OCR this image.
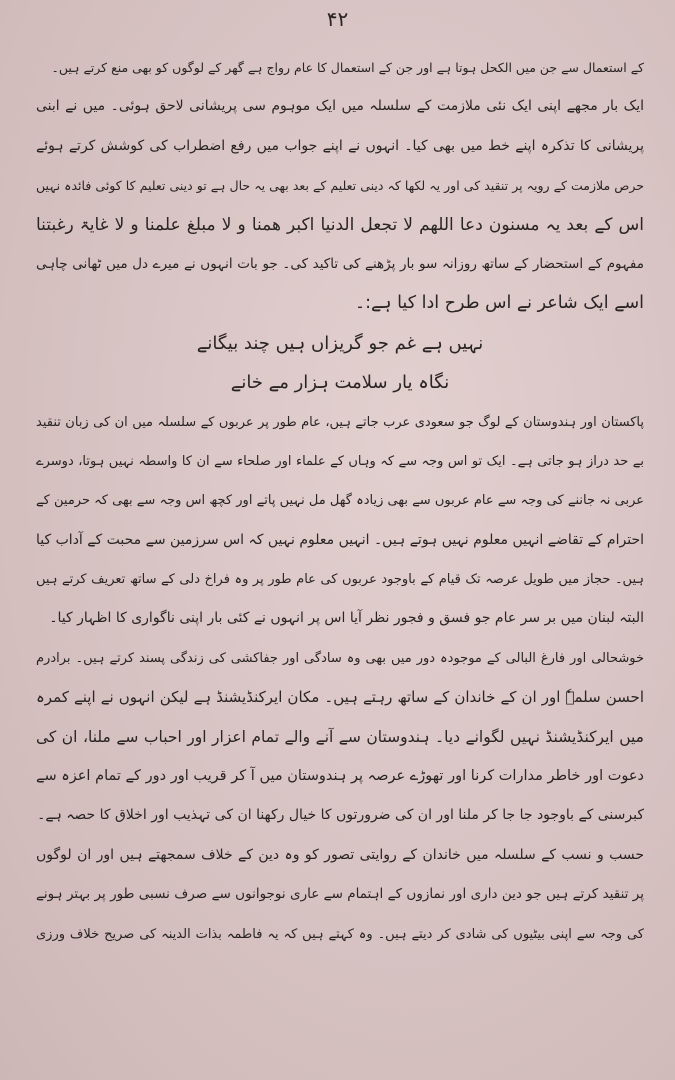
۴۲
کے استعمال سے جن میں الکحل ہوتا ہے اور جن کے استعمال کا عام رواج ہے گھر کے لوگوں کو بھی منع کرتے ہیں۔
ایک بار مجھے اپنی ایک نئی ملازمت کے سلسلہ میں ایک موہوم سی پریشانی لاحق ہوئی۔ میں نے ابنی
پریشانی کا تذکرہ اپنے خط میں بھی کیا۔ انہوں نے اپنے جواب میں رفع اضطراب کی کوشش کرتے ہوئے
حرص ملازمت کے رویہ پر تنقید کی اور یہ لکھا کہ دینی تعلیم کے بعد بھی یہ حال ہے تو دینی تعلیم کا کوئی فائدہ نہیں
اس کے بعد یہ مسنون دعا اللھم لا تجعل الدنیا اکبر ھمنا و لا مبلغ علمنا و لا غایۃ رغبتنا
مفہوم کے استحضار کے ساتھ روزانہ سو بار پڑھنے کی تاکید کی۔ جو بات انہوں نے میرے دل میں ٹھانی چاہی
اسے ایک شاعر نے اس طرح ادا کیا ہے:۔
نہیں ہے غم جو گریزاں ہیں چند بیگانے
نگاہ یار سلامت ہزار مے خانے
پاکستان اور ہندوستان کے لوگ جو سعودی عرب جاتے ہیں، عام طور پر عربوں کے سلسلہ میں ان کی زبان تنقید
بے حد دراز ہو جاتی ہے۔ ایک تو اس وجہ سے کہ وہاں کے علماء اور صلحاء سے ان کا واسطہ نہیں ہوتا، دوسرے
عربی نہ جاننے کی وجہ سے عام عربوں سے بھی زیادہ گھل مل نہیں پاتے اور کچھ اس وجہ سے بھی کہ حرمین کے
احترام کے تقاضے انہیں معلوم نہیں ہوتے ہیں۔ انہیں معلوم نہیں کہ اس سرزمین سے محبت کے آداب کیا
ہیں۔ حجاز میں طویل عرصہ تک قیام کے باوجود عربوں کی عام طور پر وہ فراخ دلی کے ساتھ تعریف کرتے ہیں
البتہ لبنان میں بر سر عام جو فسق و فجور نظر آیا اس پر انہوں نے کئی بار اپنی ناگواری کا اظہار کیا۔
خوشحالی اور فارغ البالی کے موجودہ دور میں بھی وہ سادگی اور جفاکشی کی زندگی پسند کرتے ہیں۔ برادرم
احسن سلمہٗ اور ان کے خاندان کے ساتھ رہتے ہیں۔ مکان ایرکنڈیشنڈ ہے لیکن انہوں نے اپنے کمرہ
میں ایرکنڈیشنڈ نہیں لگوانے دیا۔ ہندوستان سے آنے والے تمام اعزار اور احباب سے ملنا، ان کی
دعوت اور خاطر مدارات کرنا اور تھوڑے عرصہ پر ہندوستان میں آ کر قریب اور دور کے تمام اعزہ سے
کبرسنی کے باوجود جا جا کر ملنا اور ان کی ضرورتوں کا خیال رکھنا ان کی تہذیب اور اخلاق کا حصہ ہے۔
حسب و نسب کے سلسلہ میں خاندان کے روایتی تصور کو وہ دین کے خلاف سمجھتے ہیں اور ان لوگوں
پر تنقید کرتے ہیں جو دین داری اور نمازوں کے اہتمام سے عاری نوجوانوں سے صرف نسبی طور پر بہتر ہونے
کی وجہ سے اپنی بیٹیوں کی شادی کر دیتے ہیں۔ وہ کہتے ہیں کہ یہ فاطمہ بذات الدینہ کی صریح خلاف ورزی
